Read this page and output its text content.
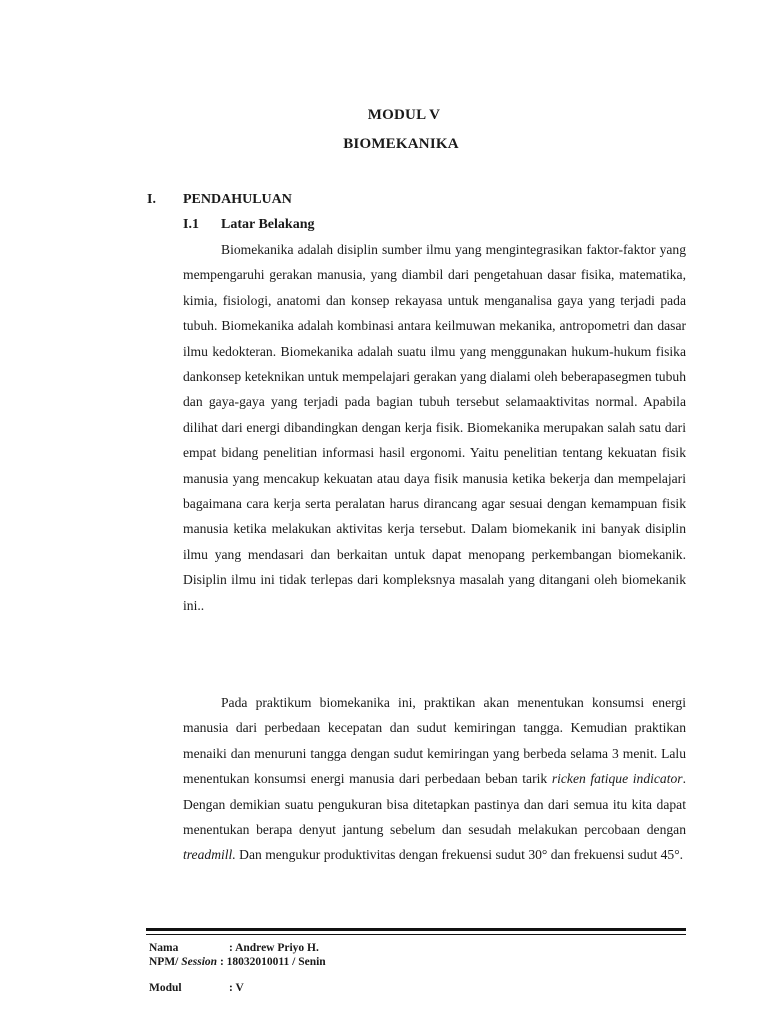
MODUL V
BIOMEKANIKA
I. PENDAHULUAN
I.1 Latar Belakang

Biomekanika adalah disiplin sumber ilmu yang mengintegrasikan faktor-faktor yang mempengaruhi gerakan manusia, yang diambil dari pengetahuan dasar fisika, matematika, kimia, fisiologi, anatomi dan konsep rekayasa untuk menganalisa gaya yang terjadi pada tubuh. Biomekanika adalah kombinasi antara keilmuwan mekanika, antropometri dan dasar ilmu kedokteran. Biomekanika adalah suatu ilmu yang menggunakan hukum-hukum fisika dankonsep keteknikan untuk mempelajari gerakan yang dialami oleh beberapasegmen tubuh dan gaya-gaya yang terjadi pada bagian tubuh tersebut selamaaktivitas normal. Apabila dilihat dari energi dibandingkan dengan kerja fisik. Biomekanika merupakan salah satu dari empat bidang penelitian informasi hasil ergonomi. Yaitu penelitian tentang kekuatan fisik manusia yang mencakup kekuatan atau daya fisik manusia ketika bekerja dan mempelajari bagaimana cara kerja serta peralatan harus dirancang agar sesuai dengan kemampuan fisik manusia ketika melakukan aktivitas kerja tersebut. Dalam biomekanik ini banyak disiplin ilmu yang mendasari dan berkaitan untuk dapat menopang perkembangan biomekanik. Disiplin ilmu ini tidak terlepas dari kompleksnya masalah yang ditangani oleh biomekanik ini..

Pada praktikum biomekanika ini, praktikan akan menentukan konsumsi energi manusia dari perbedaan kecepatan dan sudut kemiringan tangga. Kemudian praktikan menaiki dan menuruni tangga dengan sudut kemiringan yang berbeda selama 3 menit. Lalu menentukan konsumsi energi manusia dari perbedaan beban tarik ricken fatique indicator. Dengan demikian suatu pengukuran bisa ditetapkan pastinya dan dari semua itu kita dapat menentukan berapa denyut jantung sebelum dan sesudah melakukan percobaan dengan treadmill. Dan mengukur produktivitas dengan frekuensi sudut 30° dan frekuensi sudut 45°.

Nama	: Andrew Priyo H.
NPM/ Session : 18032010011 / Senin
Modul	: V
